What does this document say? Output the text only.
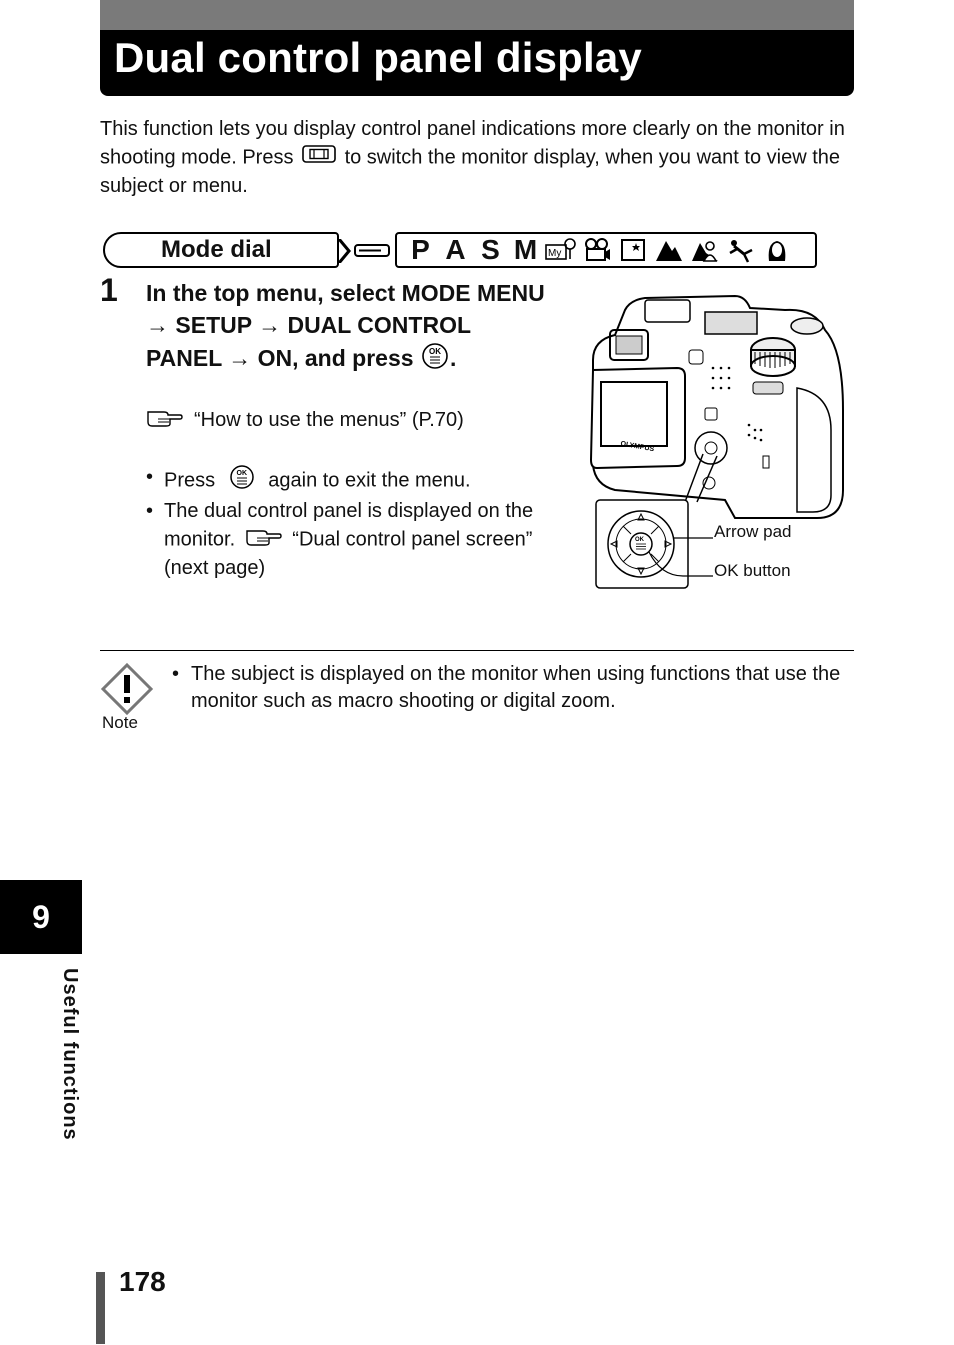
Dual control panel display
This function lets you display control panel indications more clearly on the monitor in shooting mode. Press	to switch the monitor display, when you want to view the subject or menu.
Mode dial	P A S M	My
1 In the top menu, select MODE MENU → SETUP → DUAL CONTROL PANEL → ON, and press OK .
“How to use the menus” (P.70)
• Press	OK again to exit the menu.
• The dual control panel is displayed on the monitor.	“Dual control panel screen” (next page)
OLYMPUS
OK	Arrow pad
OK button
Note
• The subject is displayed on the monitor when using functions that use the monitor such as macro shooting or digital zoom.
9
Useful functions
178
